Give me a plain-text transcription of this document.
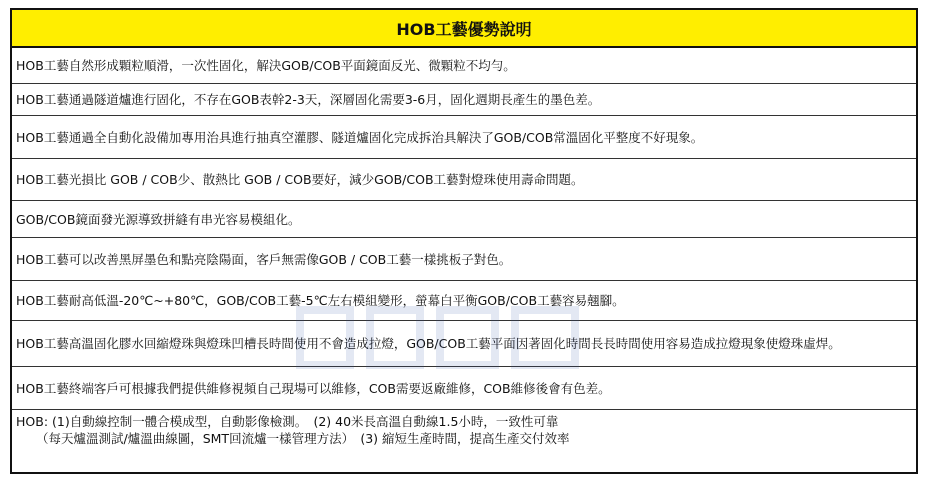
HOB工藝優勢說明
HOB工藝自然形成顆粒順滑，一次性固化，解決GOB/COB平面鏡面反光、微顆粒不均勻。
HOB工藝通過隧道爐進行固化，不存在GOB表幹2-3天，深層固化需要3-6月，固化週期長產生的墨色差。
HOB工藝通過全自動化設備加專用治具進行抽真空灌膠、隧道爐固化完成拆治具解決了GOB/COB常溫固化平整度不好現象。
HOB工藝光損比 GOB / COB少、散熱比 GOB / COB要好，減少GOB/COB工藝對燈珠使用壽命問題。
GOB/COB鏡面發光源導致拼縫有串光容易模組化。
HOB工藝可以改善黑屏墨色和點亮陰陽面，客戶無需像GOB / COB工藝一樣挑板子對色。
HOB工藝耐高低溫-20℃~+80℃，GOB/COB工藝-5℃左右模組變形，螢幕白平衡GOB/COB工藝容易翹腳。
HOB工藝高溫固化膠水回縮燈珠與燈珠凹槽長時間使用不會造成拉燈，GOB/COB工藝平面因著固化時間長長時間使用容易造成拉燈現象使燈珠虛焊。
HOB工藝終端客戶可根據我們提供維修視頻自己現場可以維修，COB需要返廠維修，COB維修後會有色差。
HOB: (1)自動線控制一體合模成型，自動影像檢測。　(2) 40米長高溫自動線1.5小時，一致性可靠
（每天爐溫測試/爐溫曲線圖，SMT回流爐一樣管理方法）　(3) 縮短生產時間，提高生產交付效率
